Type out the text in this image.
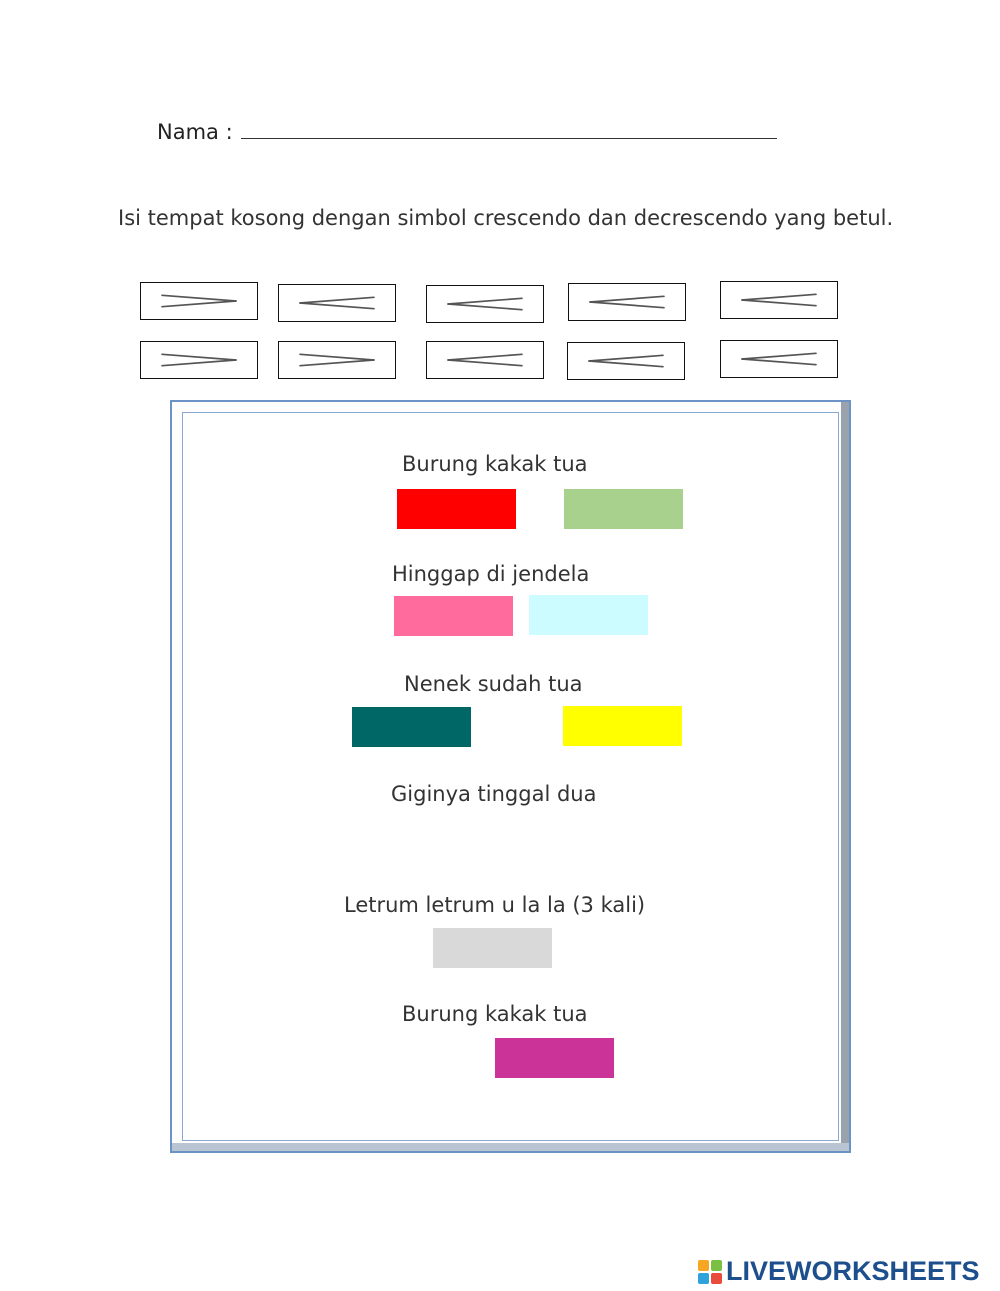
Nama :
Isi tempat kosong dengan simbol crescendo dan decrescendo yang betul.
Burung kakak tua
Hinggap di jendela
Nenek sudah tua
Giginya tinggal dua
Letrum letrum u la la (3 kali)
Burung kakak tua
LIVEWORKSHEETS
